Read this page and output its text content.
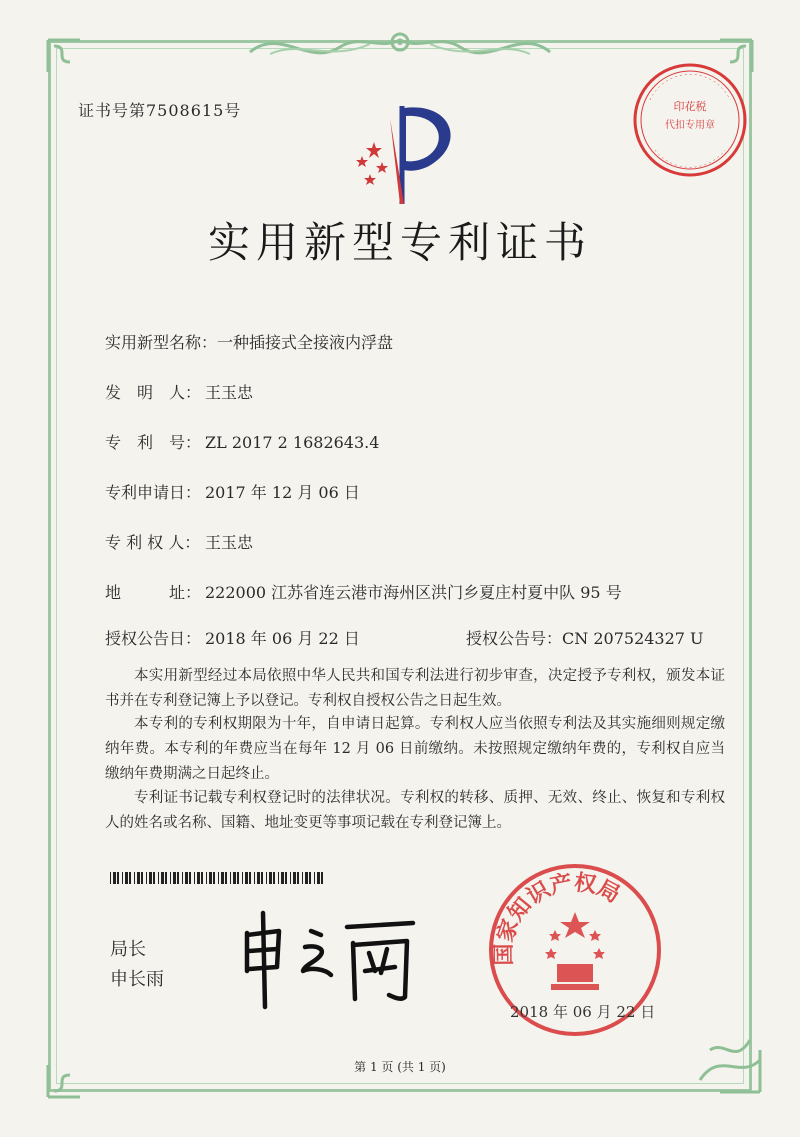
证书号第7508615号	印花税
代扣专用章
实用新型专利证书
实用新型名称：一种插接式全接液内浮盘
发　明　人： 王玉忠
专　利　号： ZL 2017 2 1682643.4
专利申请日： 2017 年 12 月 06 日
专 利 权 人： 王玉忠
地　　　址： 222000 江苏省连云港市海州区洪门乡夏庄村夏中队 95 号
授权公告日： 2018 年 06 月 22 日	授权公告号：CN 207524327 U
本实用新型经过本局依照中华人民共和国专利法进行初步审查，决定授予专利权，颁发本证书并在专利登记簿上予以登记。专利权自授权公告之日起生效。
本专利的专利权期限为十年，自申请日起算。专利权人应当依照专利法及其实施细则规定缴纳年费。本专利的年费应当在每年 12 月 06 日前缴纳。未按照规定缴纳年费的，专利权自应当缴纳年费期满之日起终止。
专利证书记载专利权登记时的法律状况。专利权的转移、质押、无效、终止、恢复和专利权人的姓名或名称、国籍、地址变更等事项记载在专利登记簿上。
局长
申长雨
国家知识产权局
2018 年 06 月 22 日
第 1 页 (共 1 页)
